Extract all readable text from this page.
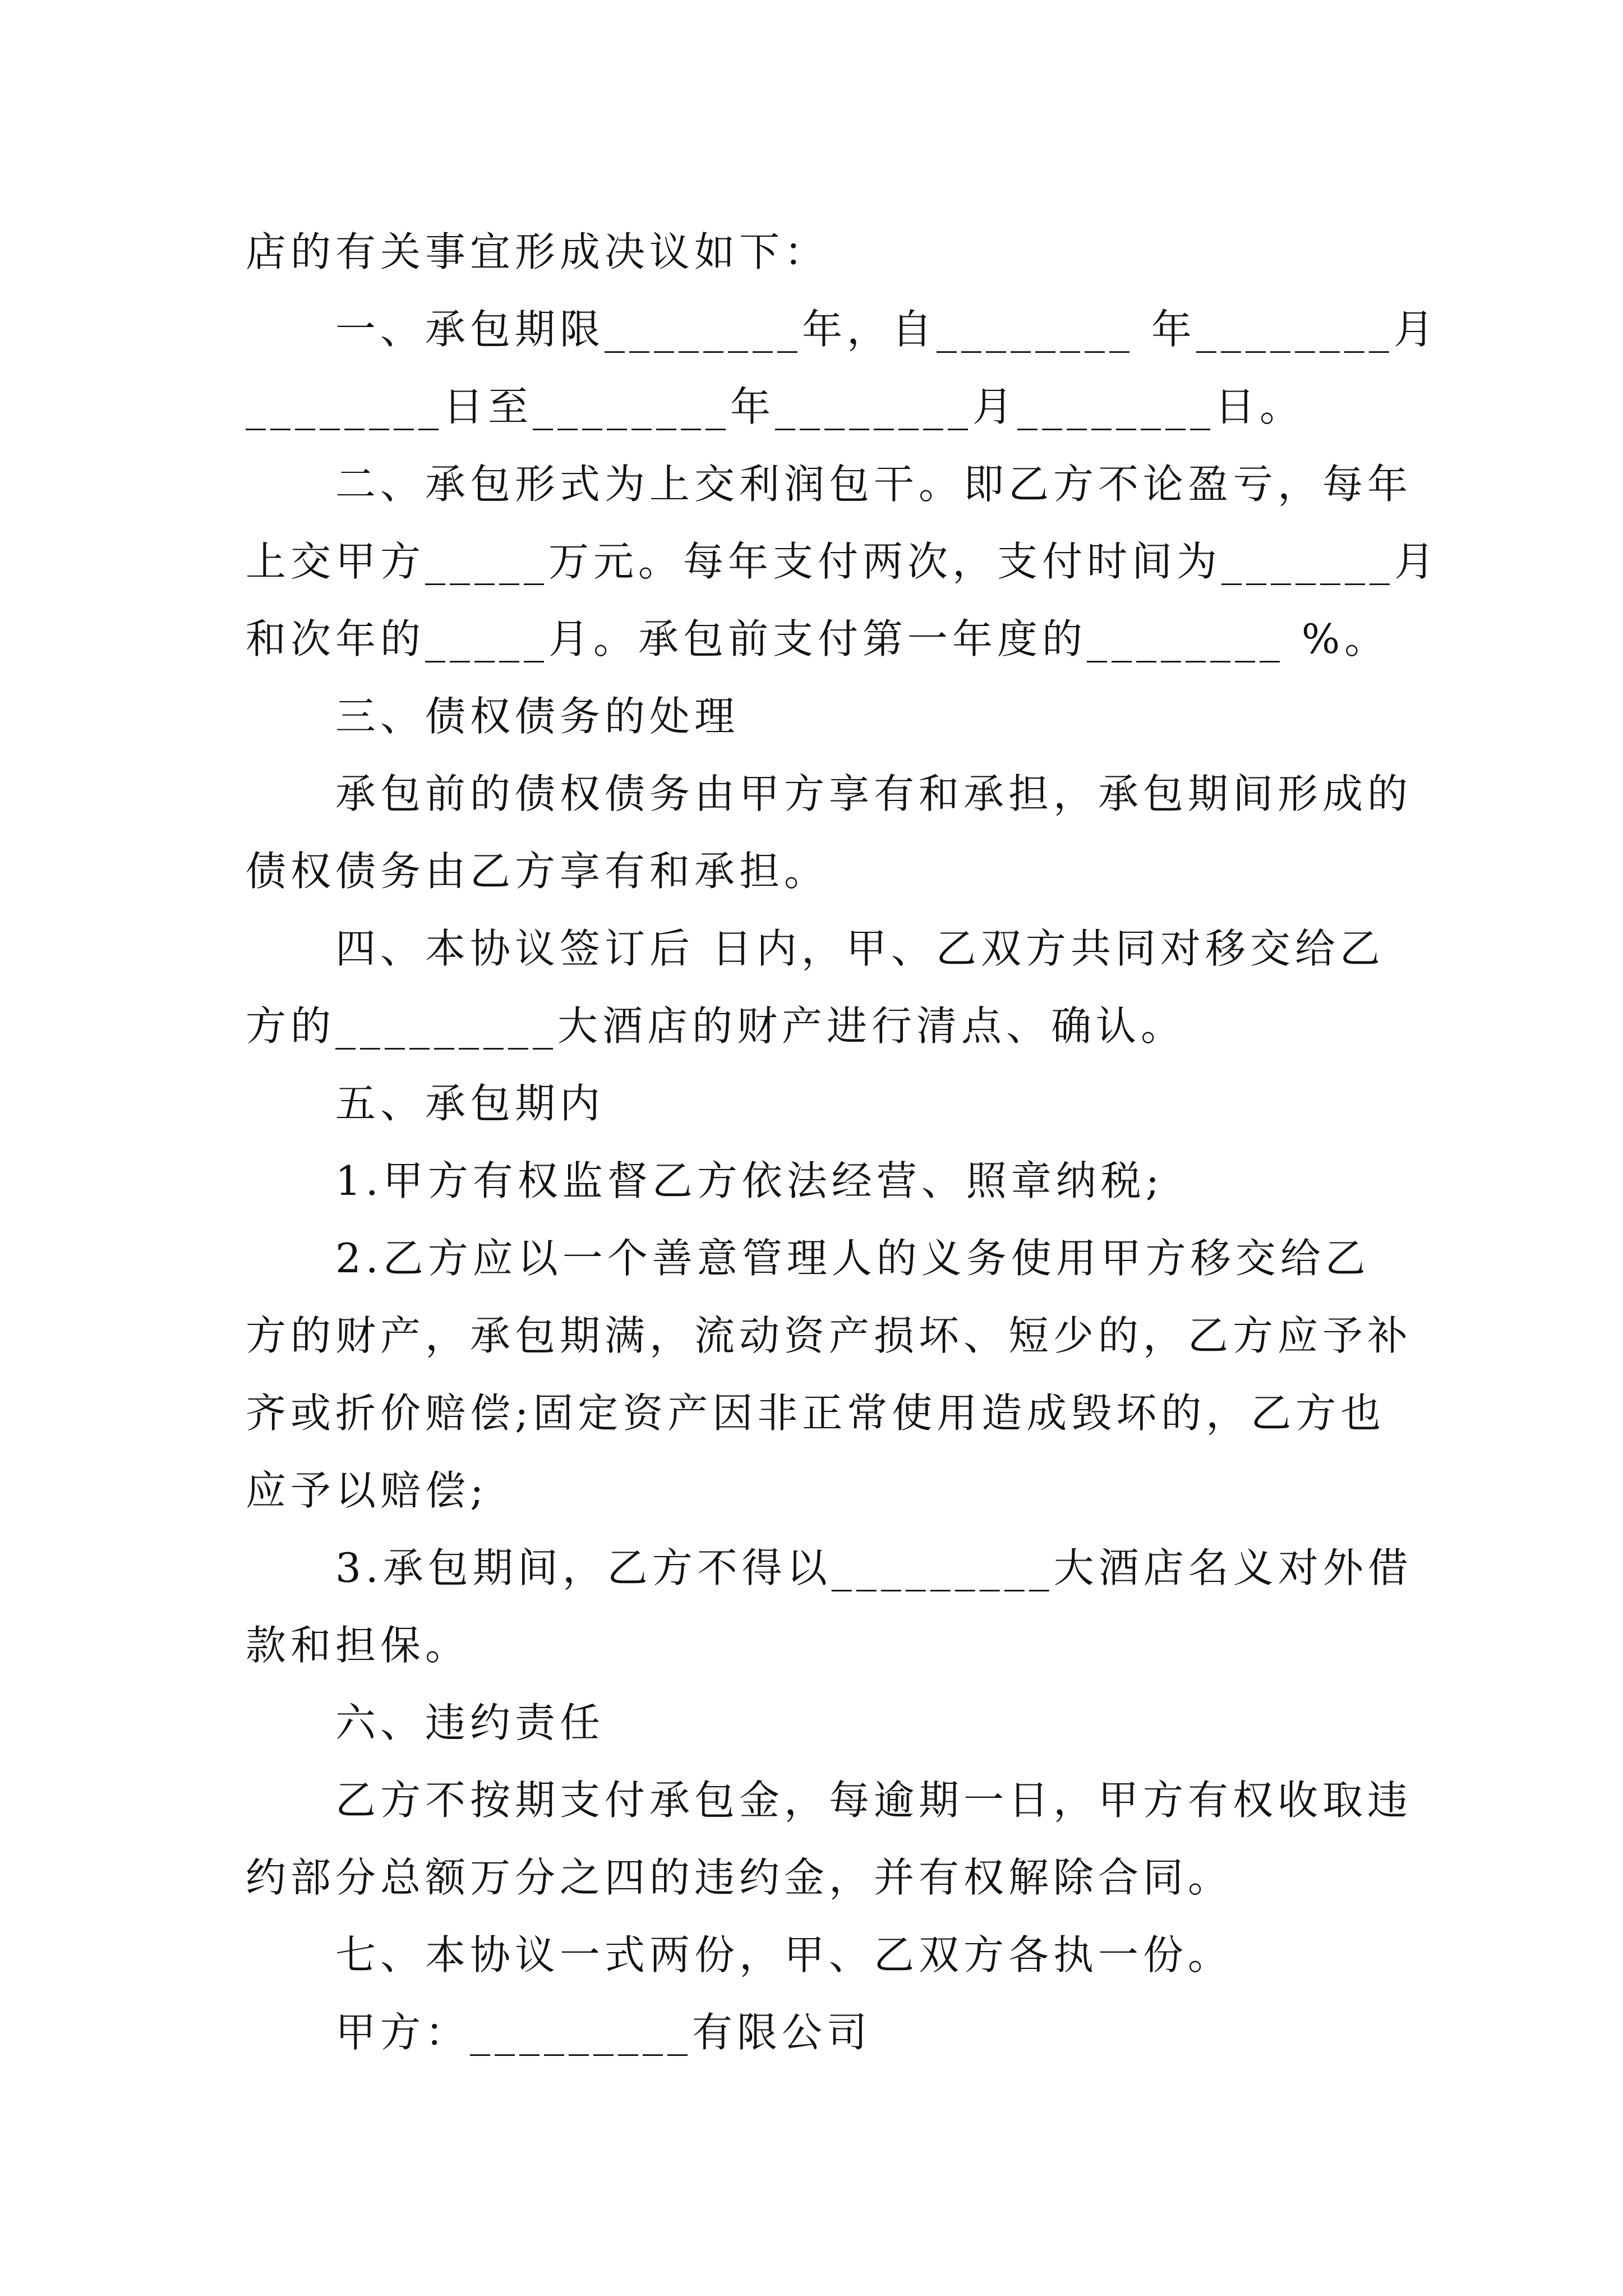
店的有关事宜形成决议如下：
一、承包期限________年，自________ 年________月
________日至________年________月________日。
二、承包形式为上交利润包干。即乙方不论盈亏，每年
上交甲方_____万元。每年支付两次，支付时间为_______月
和次年的_____月。承包前支付第一年度的________ %。
三、债权债务的处理
承包前的债权债务由甲方享有和承担，承包期间形成的
债权债务由乙方享有和承担。
四、本协议签订后 日内，甲、乙双方共同对移交给乙
方的_________大酒店的财产进行清点、确认。
五、承包期内
1.甲方有权监督乙方依法经营、照章纳税;
2.乙方应以一个善意管理人的义务使用甲方移交给乙
方的财产，承包期满，流动资产损坏、短少的，乙方应予补
齐或折价赔偿;固定资产因非正常使用造成毁坏的，乙方也
应予以赔偿;
3.承包期间，乙方不得以_________大酒店名义对外借
款和担保。
六、违约责任
乙方不按期支付承包金，每逾期一日，甲方有权收取违
约部分总额万分之四的违约金，并有权解除合同。
七、本协议一式两份，甲、乙双方各执一份。
甲方：_________有限公司
